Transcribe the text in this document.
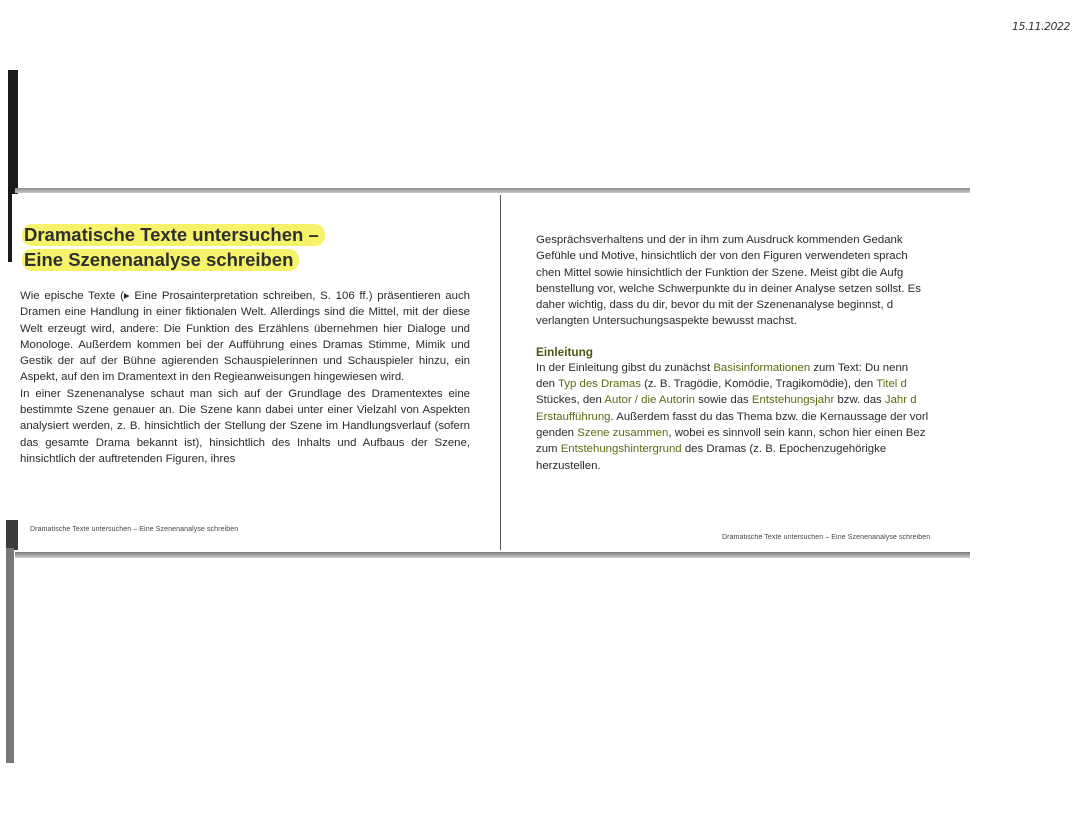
15.11.2022
Dramatische Texte untersuchen –
Eine Szenenanalyse schreiben

Wie epische Texte (▸ Eine Prosainterpretation schreiben, S. 106 ff.) präsentieren auch Dramen eine Handlung in einer fiktionalen Welt. Allerdings sind die Mittel, mit der diese Welt erzeugt wird, andere: Die Funktion des Erzählens übernehmen hier Dialoge und Monologe. Außerdem kommen bei der Aufführung eines Dramas Stimme, Mimik und Gestik der auf der Bühne agierenden Schauspielerinnen und Schauspieler hinzu, ein Aspekt, auf den im Dramentext in den Regieanweisungen hingewiesen wird.

In einer Szenenanalyse schaut man sich auf der Grundlage des Dramentextes eine bestimmte Szene genauer an. Die Szene kann dabei unter einer Vielzahl von Aspekten analysiert werden, z. B. hinsichtlich der Stellung der Szene im Handlungsverlauf (sofern das gesamte Drama bekannt ist), hinsichtlich des Inhalts und Aufbaus der Szene, hinsichtlich der auftretenden Figuren, ihres

Dramatische Texte untersuchen – Eine Szenenanalyse schreiben
Gesprächsverhaltens und der in ihm zum Ausdruck kommenden Gedank
Gefühle und Motive, hinsichtlich der von den Figuren verwendeten sprach
chen Mittel sowie hinsichtlich der Funktion der Szene. Meist gibt die Aufg
benstellung vor, welche Schwerpunkte du in deiner Analyse setzen sollst. Es
daher wichtig, dass du dir, bevor du mit der Szenenanalyse beginnst, d
verlangten Untersuchungsaspekte bewusst machst.
Einleitung
In der Einleitung gibst du zunächst Basisinformationen zum Text: Du nenn
den Typ des Dramas (z. B. Tragödie, Komödie, Tragikomödie), den Titel d
Stückes, den Autor / die Autorin sowie das Entstehungsjahr bzw. das Jahr d
Erstaufführung. Außerdem fasst du das Thema bzw. die Kernaussage der vorl
genden Szene zusammen, wobei es sinnvoll sein kann, schon hier einen Bez
zum Entstehungshintergrund des Dramas (z. B. Epochenzugehörigke
herzustellen.
Dramatische Texte untersuchen – Eine Szenenanalyse schreiben
